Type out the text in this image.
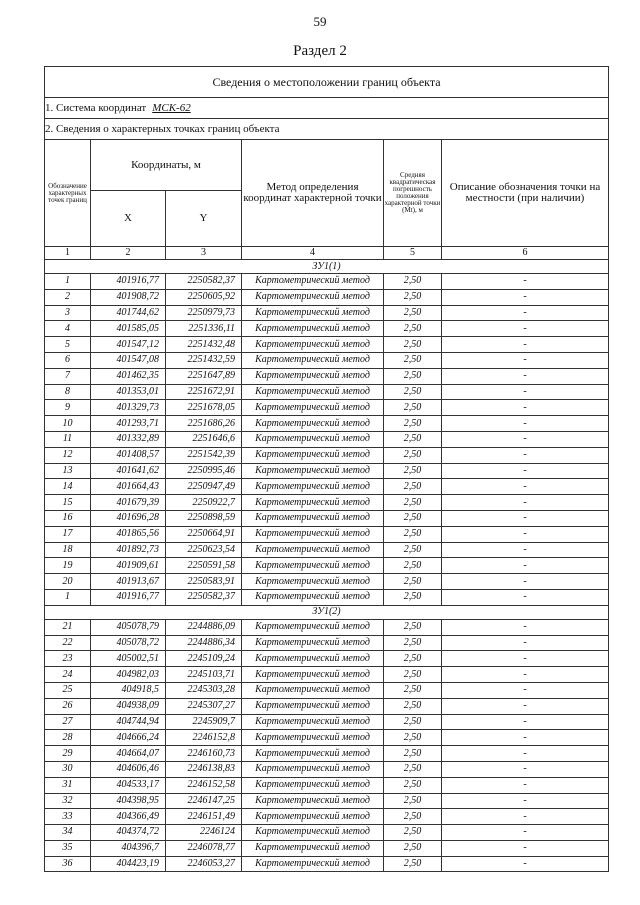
59
Раздел 2
Сведения о местоположении границ объекта					
1. Система координат МСК-62					
2. Сведения о характерных точках границ объекта					
Обозначение характерных точек границ	Координаты, м		Метод определения координат характерной точки	Средняя квадратическая погрешность положения характерной точки (Mt), м	Описание обозначения точки на местности (при наличии)
	X	Y			
1	2	3	4	5	6
ЗУ1(1)					
1	401916,77	2250582,37	Картометрический метод	2,50	-
2	401908,72	2250605,92	Картометрический метод	2,50	-
3	401744,62	2250979,73	Картометрический метод	2,50	-
4	401585,05	2251336,11	Картометрический метод	2,50	-
5	401547,12	2251432,48	Картометрический метод	2,50	-
6	401547,08	2251432,59	Картометрический метод	2,50	-
7	401462,35	2251647,89	Картометрический метод	2,50	-
8	401353,01	2251672,91	Картометрический метод	2,50	-
9	401329,73	2251678,05	Картометрический метод	2,50	-
10	401293,71	2251686,26	Картометрический метод	2,50	-
11	401332,89	2251646,6	Картометрический метод	2,50	-
12	401408,57	2251542,39	Картометрический метод	2,50	-
13	401641,62	2250995,46	Картометрический метод	2,50	-
14	401664,43	2250947,49	Картометрический метод	2,50	-
15	401679,39	2250922,7	Картометрический метод	2,50	-
16	401696,28	2250898,59	Картометрический метод	2,50	-
17	401865,56	2250664,91	Картометрический метод	2,50	-
18	401892,73	2250623,54	Картометрический метод	2,50	-
19	401909,61	2250591,58	Картометрический метод	2,50	-
20	401913,67	2250583,91	Картометрический метод	2,50	-
1	401916,77	2250582,37	Картометрический метод	2,50	-
ЗУ1(2)					
21	405078,79	2244886,09	Картометрический метод	2,50	-
22	405078,72	2244886,34	Картометрический метод	2,50	-
23	405002,51	2245109,24	Картометрический метод	2,50	-
24	404982,03	2245103,71	Картометрический метод	2,50	-
25	404918,5	2245303,28	Картометрический метод	2,50	-
26	404938,09	2245307,27	Картометрический метод	2,50	-
27	404744,94	2245909,7	Картометрический метод	2,50	-
28	404666,24	2246152,8	Картометрический метод	2,50	-
29	404664,07	2246160,73	Картометрический метод	2,50	-
30	404606,46	2246138,83	Картометрический метод	2,50	-
31	404533,17	2246152,58	Картометрический метод	2,50	-
32	404398,95	2246147,25	Картометрический метод	2,50	-
33	404366,49	2246151,49	Картометрический метод	2,50	-
34	404374,72	2246124	Картометрический метод	2,50	-
35	404396,7	2246078,77	Картометрический метод	2,50	-
36	404423,19	2246053,27	Картометрический метод	2,50	-
